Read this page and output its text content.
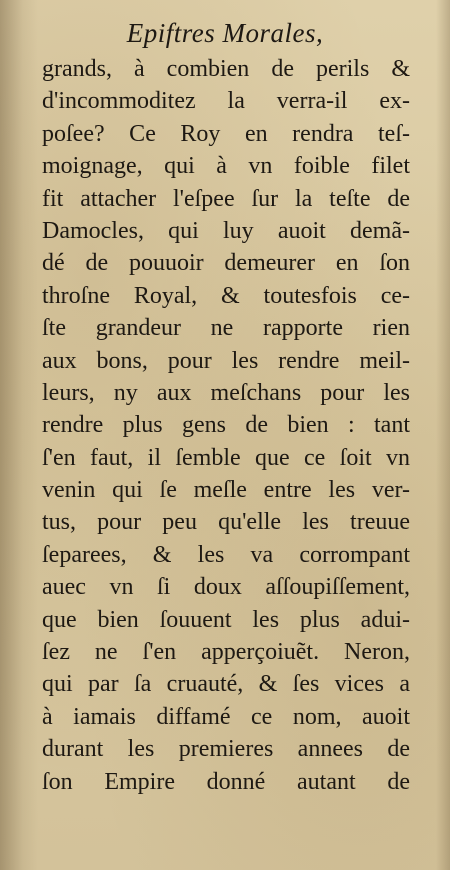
Epiftres Morales,
grands, à combien de perils &
d'incommoditez la verra-il ex-
poſee? Ce Roy en rendra teſ-
moignage, qui à vn foible filet
fit attacher l'eſpee ſur la teſte de
Damocles, qui luy auoit demã-
dé de pouuoir demeurer en ſon
throſne Royal, & toutesfois ce-
ſte grandeur ne rapporte rien
aux bons, pour les rendre meil-
leurs, ny aux meſchans pour les
rendre plus gens de bien : tant
ſ'en faut, il ſemble que ce ſoit vn
venin qui ſe meſle entre les ver-
tus, pour peu qu'elle les treuue
ſeparees, & les va corrompant
auec vn ſi doux aſſoupiſſement,
que bien ſouuent les plus adui-
ſez ne ſ'en apperçoiuẽt. Neron,
qui par ſa cruauté, & ſes vices a
à iamais diffamé ce nom, auoit
durant les premieres annees de
ſon Empire donné autant de
